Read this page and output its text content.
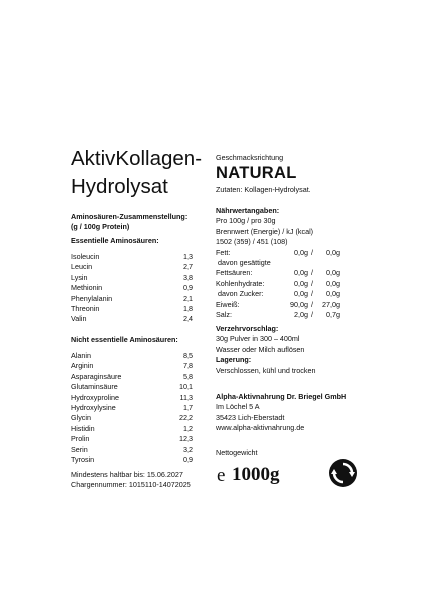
AktivKollagen-
Hydrolysat
Aminosäuren-Zusammenstellung:
(g / 100g Protein)
Essentielle Aminosäuren:
Isoleucin	1,3
Leucin	2,7
Lysin	3,8
Methionin	0,9
Phenylalanin	2,1
Threonin	1,8
Valin	2,4
Nicht essentielle Aminosäuren:
Alanin	8,5
Arginin	7,8
Asparaginsäure	5,8
Glutaminsäure	10,1
Hydroxyproline	11,3
Hydroxylysine	1,7
Glycin	22,2
Histidin	1,2
Prolin	12,3
Serin	3,2
Tyrosin	0,9
Mindestens haltbar bis: 15.06.2027
Chargennummer: 1015110-14072025
Geschmacksrichtung
NATURAL
Zutaten: Kollagen-Hydrolysat.
Nährwertangaben:
Pro 100g / pro 30g
Brennwert (Energie) / kJ (kcal)
1502 (359) / 451 (108)
Fett:	0,0g /	0,0g
davon gesättigte
Fettsäuren:	0,0g /	0,0g
Kohlenhydrate:	0,0g /	0,0g
davon Zucker:	0,0g /	0,0g
Eiweiß:	90,0g /	27,0g
Salz:	2,0g /	0,7g
Verzehrvorschlag:
30g Pulver in 300 – 400ml
Wasser oder Milch auflösen
Lagerung:
Verschlossen, kühl und trocken
Alpha-Aktivnahrung Dr. Briegel GmbH
Im Löchel 5 A
35423 Lich-Eberstadt
www.alpha-aktivnahrung.de
Nettogewicht
e 1000g
